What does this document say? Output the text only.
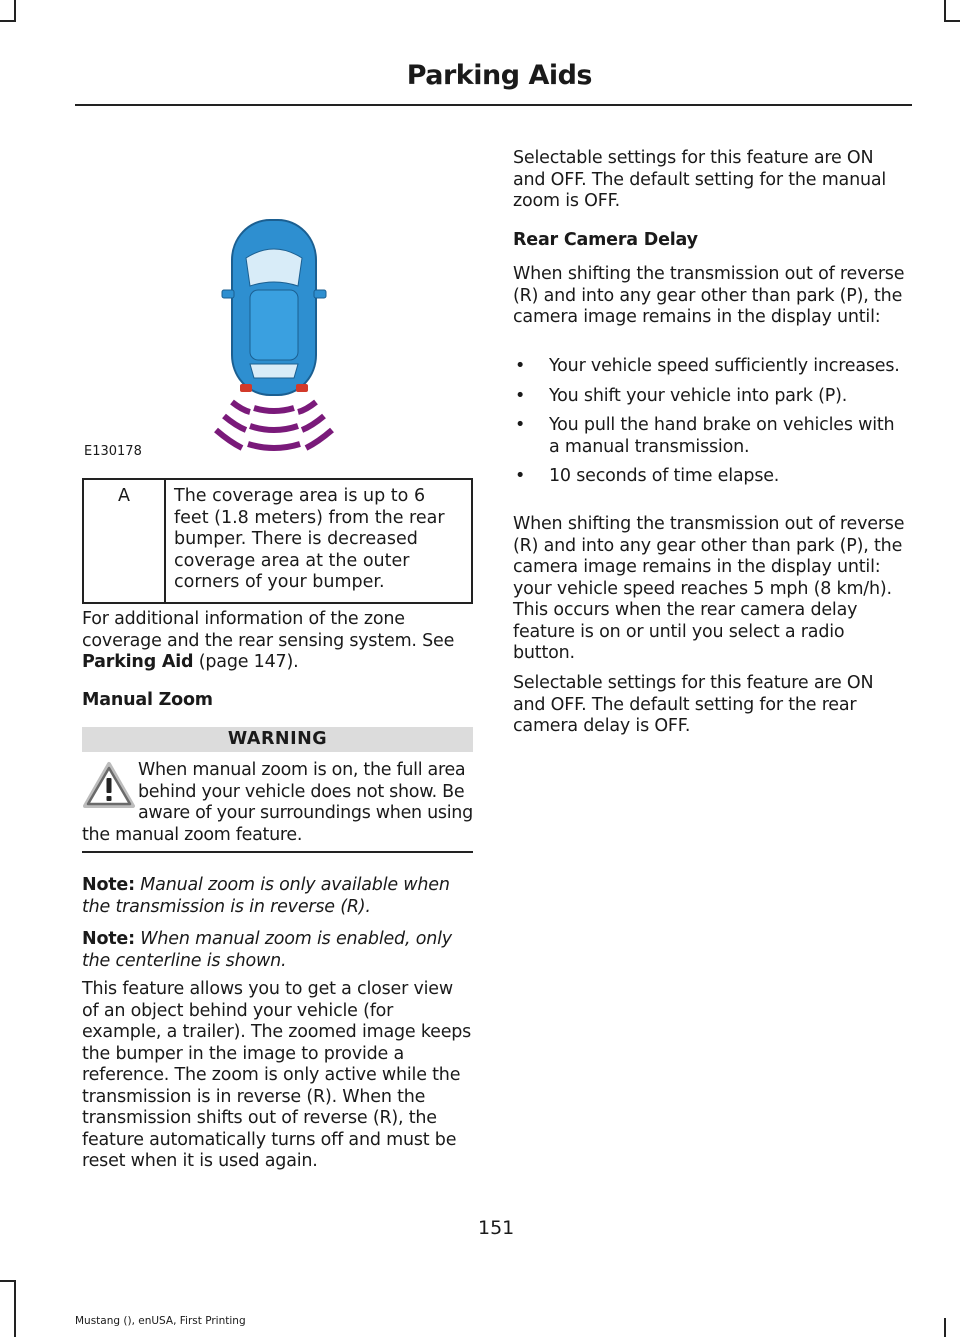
Parking Aids
E130178
A	The coverage area is up to 6 feet (1.8 meters) from the rear bumper. There is decreased coverage area at the outer corners of your bumper.

For additional information of the zone coverage and the rear sensing system. See Parking Aid (page 147).

Manual Zoom
WARNING
When manual zoom is on, the full area behind your vehicle does not show. Be aware of your surroundings when using the manual zoom feature.

Note: Manual zoom is only available when the transmission is in reverse (R).

Note: When manual zoom is enabled, only the centerline is shown.

This feature allows you to get a closer view of an object behind your vehicle (for example, a trailer). The zoomed image keeps the bumper in the image to provide a reference. The zoom is only active while the transmission is in reverse (R). When the transmission shifts out of reverse (R), the feature automatically turns off and must be reset when it is used again.
Selectable settings for this feature are ON and OFF. The default setting for the manual zoom is OFF.
Rear Camera Delay
When shifting the transmission out of reverse (R) and into any gear other than park (P), the camera image remains in the display until:
• Your vehicle speed sufficiently increases.
• You shift your vehicle into park (P).
• You pull the hand brake on vehicles with a manual transmission.
• 10 seconds of time elapse.
When shifting the transmission out of reverse (R) and into any gear other than park (P), the camera image remains in the display until: your vehicle speed reaches 5 mph (8 km/h). This occurs when the rear camera delay feature is on or until you select a radio button.
Selectable settings for this feature are ON and OFF. The default setting for the rear camera delay is OFF.
151
Mustang (), enUSA, First Printing
